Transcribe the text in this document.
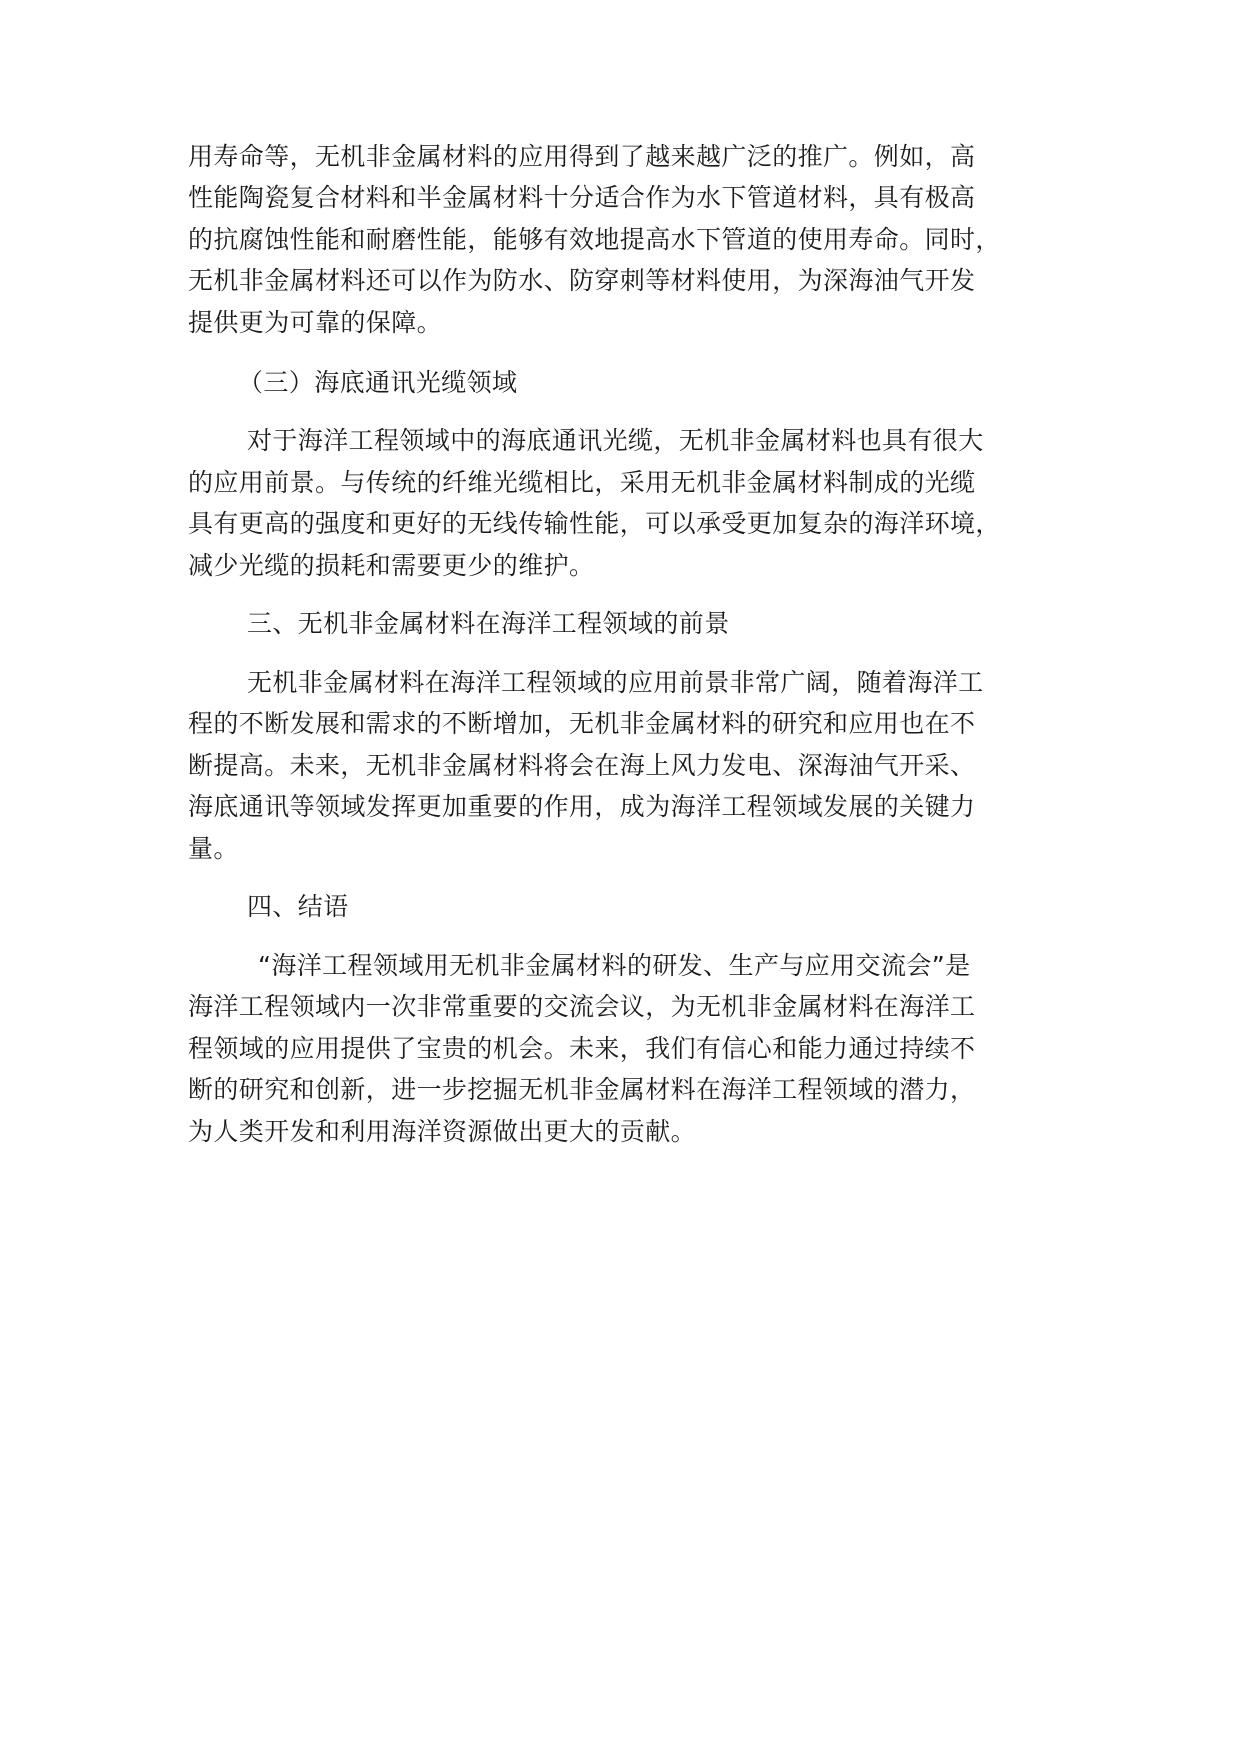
用寿命等，无机非金属材料的应用得到了越来越广泛的推广。例如，高

性能陶瓷复合材料和半金属材料十分适合作为水下管道材料，具有极高

的抗腐蚀性能和耐磨性能，能够有效地提高水下管道的使用寿命。同时，

无机非金属材料还可以作为防水、防穿刺等材料使用，为深海油气开发

提供更为可靠的保障。

（三）海底通讯光缆领域

对于海洋工程领域中的海底通讯光缆，无机非金属材料也具有很大

的应用前景。与传统的纤维光缆相比，采用无机非金属材料制成的光缆

具有更高的强度和更好的无线传输性能，可以承受更加复杂的海洋环境，

减少光缆的损耗和需要更少的维护。

三、无机非金属材料在海洋工程领域的前景

无机非金属材料在海洋工程领域的应用前景非常广阔，随着海洋工

程的不断发展和需求的不断增加，无机非金属材料的研究和应用也在不

断提高。未来，无机非金属材料将会在海上风力发电、深海油气开采、

海底通讯等领域发挥更加重要的作用，成为海洋工程领域发展的关键力

量。

四、结语

“海洋工程领域用无机非金属材料的研发、生产与应用交流会”是

海洋工程领域内一次非常重要的交流会议，为无机非金属材料在海洋工

程领域的应用提供了宝贵的机会。未来，我们有信心和能力通过持续不

断的研究和创新，进一步挖掘无机非金属材料在海洋工程领域的潜力，

为人类开发和利用海洋资源做出更大的贡献。
